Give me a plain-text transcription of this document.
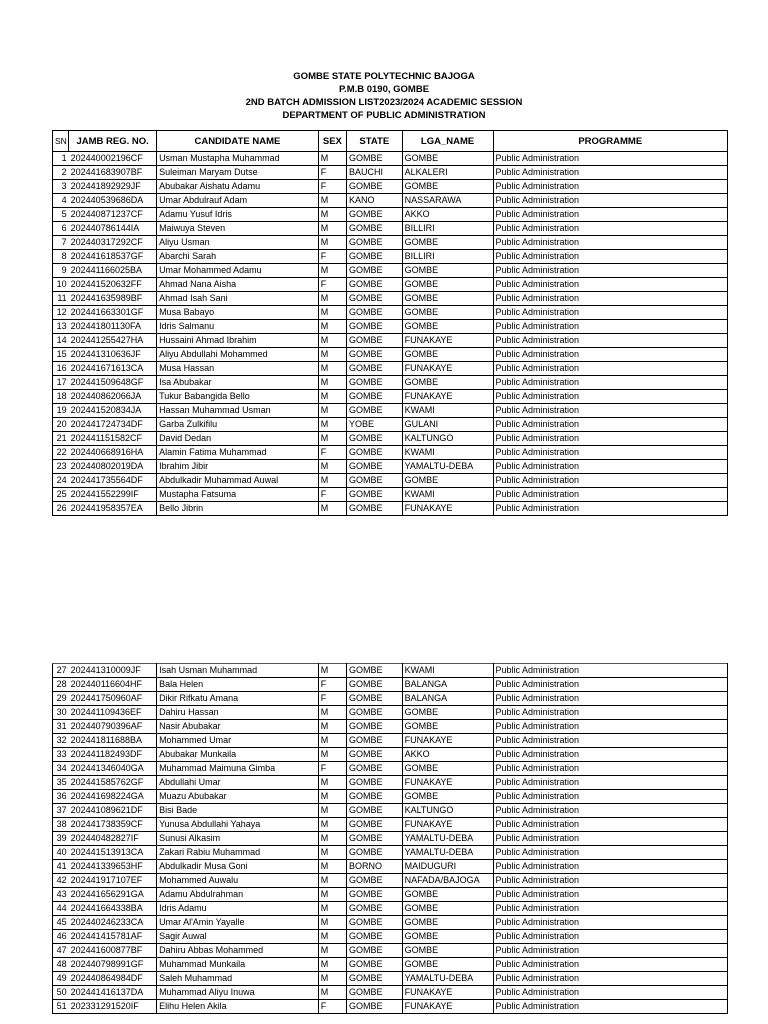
GOMBE STATE POLYTECHNIC BAJOGA
P.M.B 0190, GOMBE
2ND BATCH ADMISSION LIST2023/2024 ACADEMIC SESSION
DEPARTMENT OF PUBLIC ADMINISTRATION
SN	JAMB REG. NO.	CANDIDATE NAME	SEX	STATE	LGA_NAME	PROGRAMME
1	202440002196CF	Usman Mustapha Muhammad	M	GOMBE	GOMBE	Public Administration
2	202441683907BF	Suleiman Maryam Dutse	F	BAUCHI	ALKALERI	Public Administration
3	202441892929JF	Abubakar Aishatu Adamu	F	GOMBE	GOMBE	Public Administration
4	202440539686DA	Umar Abdulrauf Adam	M	KANO	NASSARAWA	Public Administration
5	202440871237CF	Adamu Yusuf Idris	M	GOMBE	AKKO	Public Administration
6	202440786144IA	Maiwuya Steven	M	GOMBE	BILLIRI	Public Administration
7	202440317292CF	Aliyu Usman	M	GOMBE	GOMBE	Public Administration
8	202441618537GF	Abarchi Sarah	F	GOMBE	BILLIRI	Public Administration
9	202441166025BA	Umar Mohammed Adamu	M	GOMBE	GOMBE	Public Administration
10	202441520632FF	Ahmad Nana Aisha	F	GOMBE	GOMBE	Public Administration
11	202441635989BF	Ahmad Isah Sani	M	GOMBE	GOMBE	Public Administration
12	202441663301GF	Musa Babayo	M	GOMBE	GOMBE	Public Administration
13	202441801130FA	Idris Salmanu	M	GOMBE	GOMBE	Public Administration
14	202441255427HA	Hussaini Ahmad Ibrahim	M	GOMBE	FUNAKAYE	Public Administration
15	202441310636JF	Aliyu Abdullahi Mohammed	M	GOMBE	GOMBE	Public Administration
16	202441671613CA	Musa Hassan	M	GOMBE	FUNAKAYE	Public Administration
17	202441509648GF	Isa Abubakar	M	GOMBE	GOMBE	Public Administration
18	202440862066JA	Tukur Babangida Bello	M	GOMBE	FUNAKAYE	Public Administration
19	202441520834JA	Hassan Muhammad Usman	M	GOMBE	KWAMI	Public Administration
20	202441724734DF	Garba Zulkifilu	M	YOBE	GULANI	Public Administration
21	202441151582CF	David Dedan	M	GOMBE	KALTUNGO	Public Administration
22	202440668916HA	Alamin Fatima Muhammad	F	GOMBE	KWAMI	Public Administration
23	202440802019DA	Ibrahim Jibir	M	GOMBE	YAMALTU-DEBA	Public Administration
24	202441735564DF	Abdulkadir Muhammad Auwal	M	GOMBE	GOMBE	Public Administration
25	202441552299IF	Mustapha Fatsuma	F	GOMBE	KWAMI	Public Administration
26	202441958357EA	Bello Jibrin	M	GOMBE	FUNAKAYE	Public Administration
27	202441310009JF	Isah Usman Muhammad	M	GOMBE	KWAMI	Public Administration
28	202440116604HF	Bala Helen	F	GOMBE	BALANGA	Public Administration
29	202441750960AF	Dikir Rifkatu Amana	F	GOMBE	BALANGA	Public Administration
30	202441109436EF	Dahiru Hassan	M	GOMBE	GOMBE	Public Administration
31	202440790396AF	Nasir Abubakar	M	GOMBE	GOMBE	Public Administration
32	202441811688BA	Mohammed Umar	M	GOMBE	FUNAKAYE	Public Administration
33	202441182493DF	Abubakar Munkaila	M	GOMBE	AKKO	Public Administration
34	202441346040GA	Muhammad Maimuna Gimba	F	GOMBE	GOMBE	Public Administration
35	202441585762GF	Abdullahi Umar	M	GOMBE	FUNAKAYE	Public Administration
36	202441698224GA	Muazu Abubakar	M	GOMBE	GOMBE	Public Administration
37	202441089621DF	Bisi Bade	M	GOMBE	KALTUNGO	Public Administration
38	202441738359CF	Yunusa Abdullahi Yahaya	M	GOMBE	FUNAKAYE	Public Administration
39	202440482827IF	Sunusi Alkasim	M	GOMBE	YAMALTU-DEBA	Public Administration
40	202441513913CA	Zakari Rabiu Muhammad	M	GOMBE	YAMALTU-DEBA	Public Administration
41	202441339653HF	Abdulkadir Musa Goni	M	BORNO	MAIDUGURI	Public Administration
42	202441917107EF	Mohammed Auwalu	M	GOMBE	NAFADA/BAJOGA	Public Administration
43	202441656291GA	Adamu Abdulrahman	M	GOMBE	GOMBE	Public Administration
44	202441664338BA	Idris Adamu	M	GOMBE	GOMBE	Public Administration
45	202440246233CA	Umar Al'Amin Yayalle	M	GOMBE	GOMBE	Public Administration
46	202441415781AF	Sagir Auwal	M	GOMBE	GOMBE	Public Administration
47	202441600877BF	Dahiru Abbas Mohammed	M	GOMBE	GOMBE	Public Administration
48	202440798991GF	Muhammad Munkaila	M	GOMBE	GOMBE	Public Administration
49	202440864984DF	Saleh Muhammad	M	GOMBE	YAMALTU-DEBA	Public Administration
50	202441416137DA	Muhammad Aliyu Inuwa	M	GOMBE	FUNAKAYE	Public Administration
51	202331291520IF	Elihu Helen Akila	F	GOMBE	FUNAKAYE	Public Administration
